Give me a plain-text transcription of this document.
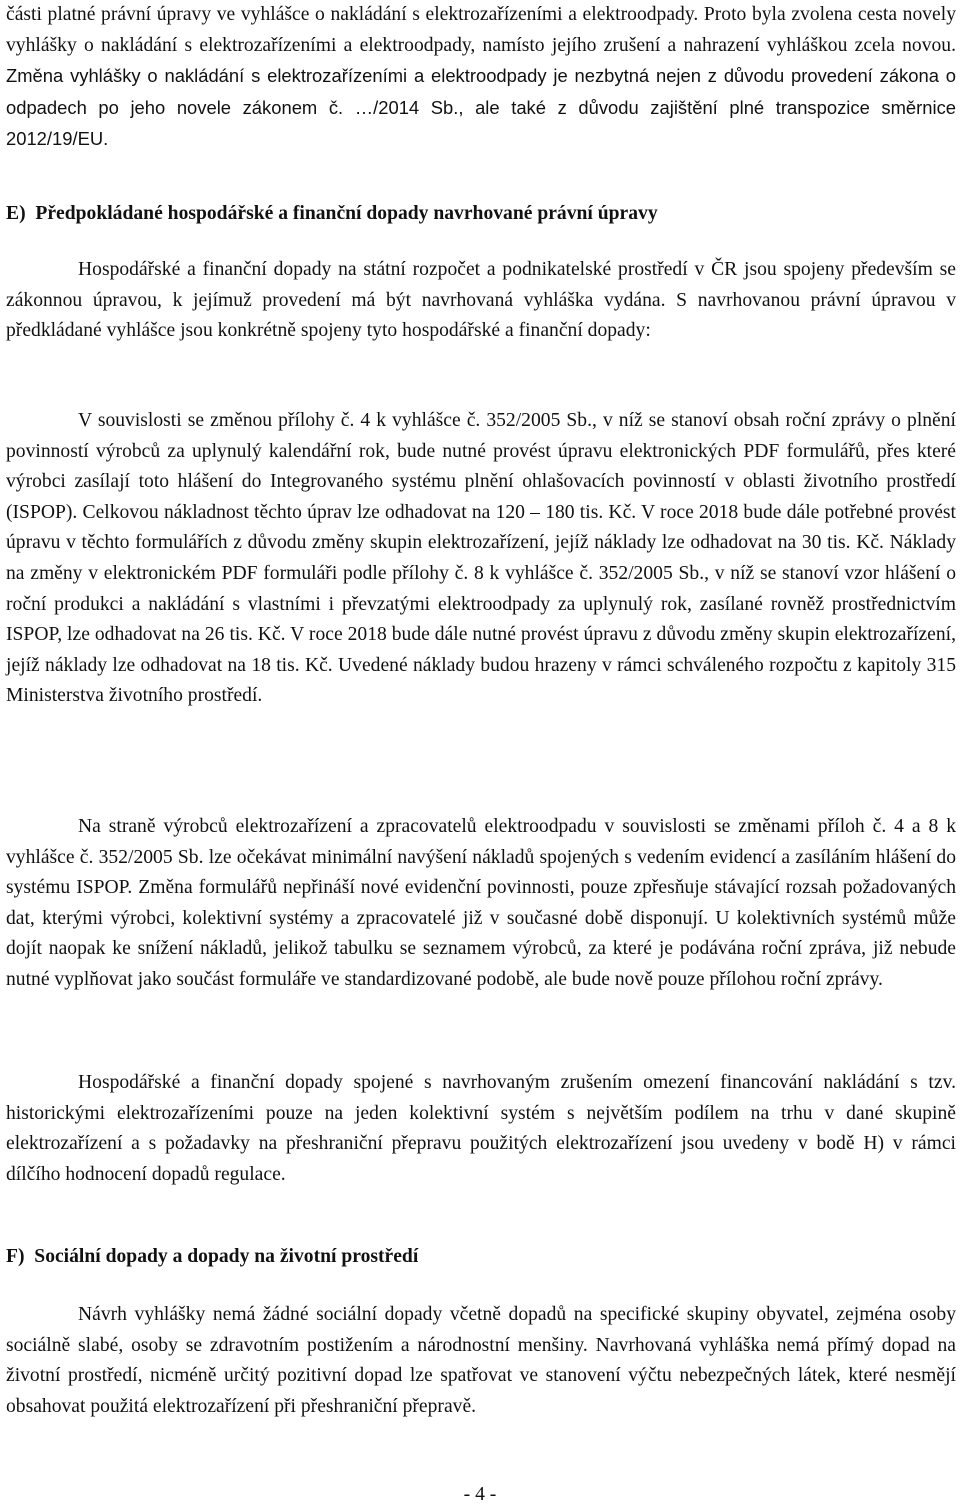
části platné právní úpravy ve vyhlášce o nakládání s elektrozařízeními a elektroodpady. Proto byla zvolena cesta novely vyhlášky o nakládání s elektrozařízeními a elektroodpady, namísto jejího zrušení a nahrazení vyhláškou zcela novou. Změna vyhlášky o nakládání s elektrozařízeními a elektroodpady je nezbytná nejen z důvodu provedení zákona o odpadech po jeho novele zákonem č. …/2014 Sb., ale také z důvodu zajištění plné transpozice směrnice 2012/19/EU.

E)  Předpokládané hospodářské a finanční dopady navrhované právní úpravy

Hospodářské a finanční dopady na státní rozpočet a podnikatelské prostředí v ČR jsou spojeny především se zákonnou úpravou, k jejímuž provedení má být navrhovaná vyhláška vydána. S navrhovanou právní úpravou v předkládané vyhlášce jsou konkrétně spojeny tyto hospodářské a finanční dopady:

V souvislosti se změnou přílohy č. 4 k vyhlášce č. 352/2005 Sb., v níž se stanoví obsah roční zprávy o plnění povinností výrobců za uplynulý kalendářní rok, bude nutné provést úpravu elektronických PDF formulářů, přes které výrobci zasílají toto hlášení do Integrovaného systému plnění ohlašovacích povinností v oblasti životního prostředí (ISPOP). Celkovou nákladnost těchto úprav lze odhadovat na 120 – 180 tis. Kč. V roce 2018 bude dále potřebné provést úpravu v těchto formulářích z důvodu změny skupin elektrozařízení, jejíž náklady lze odhadovat na 30 tis. Kč. Náklady na změny v elektronickém PDF formuláři podle přílohy č. 8 k vyhlášce č. 352/2005 Sb., v níž se stanoví vzor hlášení o roční produkci a nakládání s vlastními i převzatými elektroodpady za uplynulý rok, zasílané rovněž prostřednictvím ISPOP, lze odhadovat na 26 tis. Kč. V roce 2018 bude dále nutné provést úpravu z důvodu změny skupin elektrozařízení, jejíž náklady lze odhadovat na 18 tis. Kč. Uvedené náklady budou hrazeny v rámci schváleného rozpočtu z kapitoly 315 Ministerstva životního prostředí.

Na straně výrobců elektrozařízení a zpracovatelů elektroodpadu v souvislosti se změnami příloh č. 4 a 8 k vyhlášce č. 352/2005 Sb. lze očekávat minimální navýšení nákladů spojených s vedením evidencí a zasíláním hlášení do systému ISPOP. Změna formulářů nepřináší nové evidenční povinnosti, pouze zpřesňuje stávající rozsah požadovaných dat, kterými výrobci, kolektivní systémy a zpracovatelé již v současné době disponují. U kolektivních systémů může dojít naopak ke snížení nákladů, jelikož tabulku se seznamem výrobců, za které je podávána roční zpráva, již nebude nutné vyplňovat jako součást formuláře ve standardizované podobě, ale bude nově pouze přílohou roční zprávy.

Hospodářské a finanční dopady spojené s navrhovaným zrušením omezení financování nakládání s tzv. historickými elektrozařízeními pouze na jeden kolektivní systém s největším podílem na trhu v dané skupině elektrozařízení a s požadavky na přeshraniční přepravu použitých elektrozařízení jsou uvedeny v bodě H) v rámci dílčího hodnocení dopadů regulace.

F)  Sociální dopady a dopady na životní prostředí

Návrh vyhlášky nemá žádné sociální dopady včetně dopadů na specifické skupiny obyvatel, zejména osoby sociálně slabé, osoby se zdravotním postižením a národnostní menšiny. Navrhovaná vyhláška nemá přímý dopad na životní prostředí, nicméně určitý pozitivní dopad lze spatřovat ve stanovení výčtu nebezpečných látek, které nesmějí obsahovat použitá elektrozařízení při přeshraniční přepravě.

- 4 -
